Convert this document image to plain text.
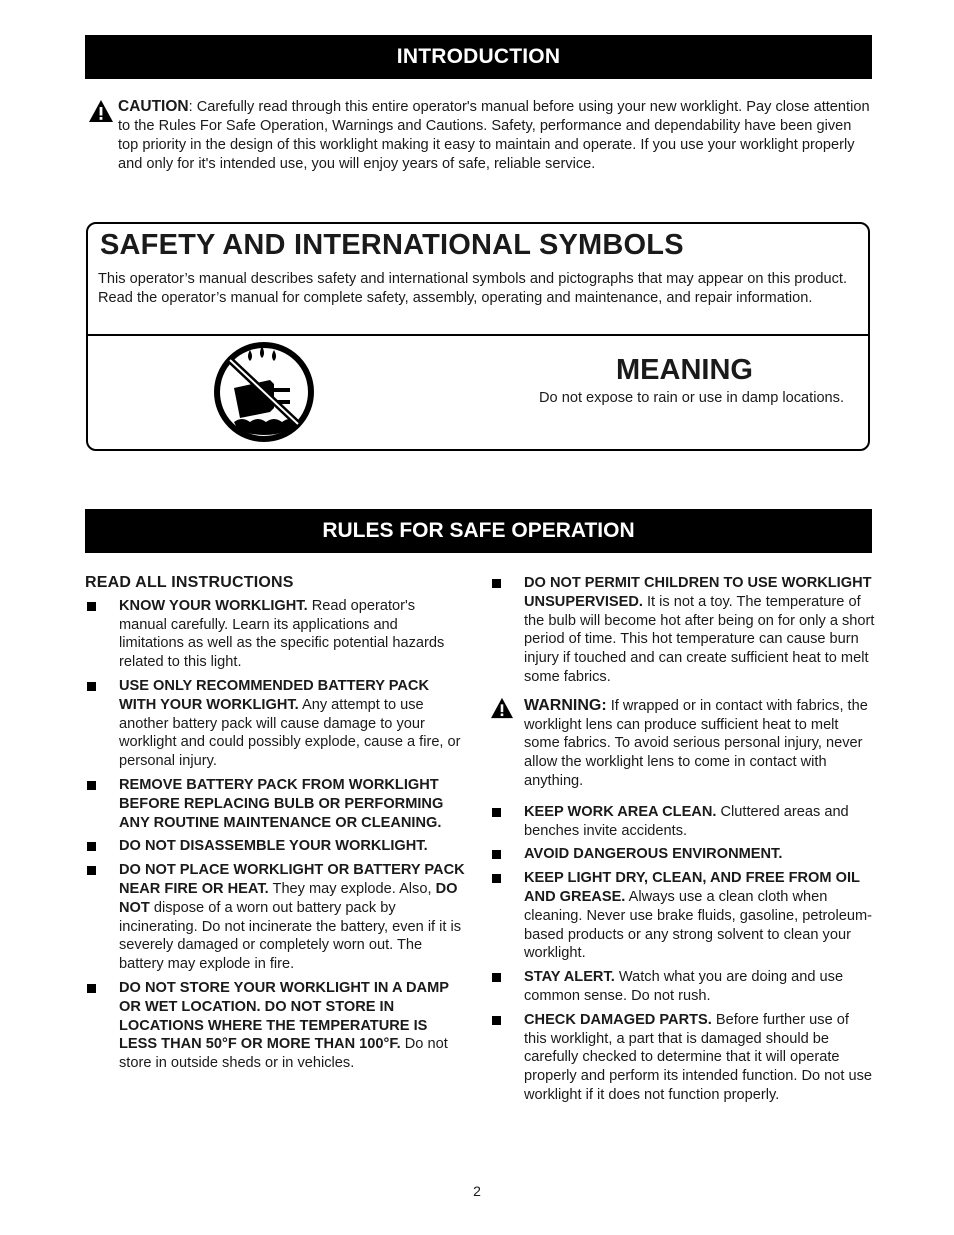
INTRODUCTION
CAUTION: Carefully read through this entire operator's manual before using your new worklight. Pay close attention to the Rules For Safe Operation, Warnings and Cautions. Safety, performance and dependability have been given top priority in the design of this worklight making it easy to maintain and operate. If you use your worklight properly and only for it's intended use, you will enjoy years of safe, reliable service.
SAFETY AND INTERNATIONAL SYMBOLS
This operator’s manual describes safety and international symbols and pictographs that may appear on this product. Read the operator’s manual for complete safety, assembly, operating and maintenance, and repair information.
MEANING
Do not expose to rain or use in damp locations.
RULES FOR SAFE OPERATION
READ ALL INSTRUCTIONS
KNOW YOUR WORKLIGHT. Read operator's manual carefully. Learn its applications and limitations as well as the specific potential hazards related to this light.
USE ONLY RECOMMENDED BATTERY PACK WITH YOUR WORKLIGHT. Any attempt to use another battery pack will cause damage to your worklight and could possibly explode, cause a fire, or personal injury.
REMOVE BATTERY PACK FROM WORKLIGHT BEFORE REPLACING BULB OR PERFORMING ANY ROUTINE MAINTENANCE OR CLEANING.
DO NOT DISASSEMBLE YOUR WORKLIGHT.
DO NOT PLACE WORKLIGHT OR BATTERY PACK NEAR FIRE OR HEAT. They may explode. Also, DO NOT dispose of a worn out battery pack by incinerating. Do not incinerate the battery, even if it is severely damaged or completely worn out. The battery may explode in fire.
DO NOT STORE YOUR WORKLIGHT IN A DAMP OR WET LOCATION. DO NOT STORE IN LOCATIONS WHERE THE TEMPERATURE IS LESS THAN 50°F OR MORE THAN 100°F. Do not store in outside sheds or in vehicles.
DO NOT PERMIT CHILDREN TO USE WORKLIGHT UNSUPERVISED. It is not a toy. The temperature of the bulb will become hot after being on for only a short period of time. This hot temperature can cause burn injury if touched and can create sufficient heat to melt some fabrics.
WARNING: If wrapped or in contact with fabrics, the worklight lens can produce sufficient heat to melt some fabrics. To avoid serious personal injury, never allow the worklight lens to come in contact with anything.
KEEP WORK AREA CLEAN. Cluttered areas and benches invite accidents.
AVOID DANGEROUS ENVIRONMENT.
KEEP LIGHT DRY, CLEAN, AND FREE FROM OIL AND GREASE. Always use a clean cloth when cleaning. Never use brake fluids, gasoline, petroleum-based products or any strong solvent to clean your worklight.
STAY ALERT. Watch what you are doing and use common sense. Do not rush.
CHECK DAMAGED PARTS. Before further use of this worklight, a part that is damaged should be carefully checked to determine that it will operate properly and perform its intended function. Do not use worklight if it does not function properly.
2
